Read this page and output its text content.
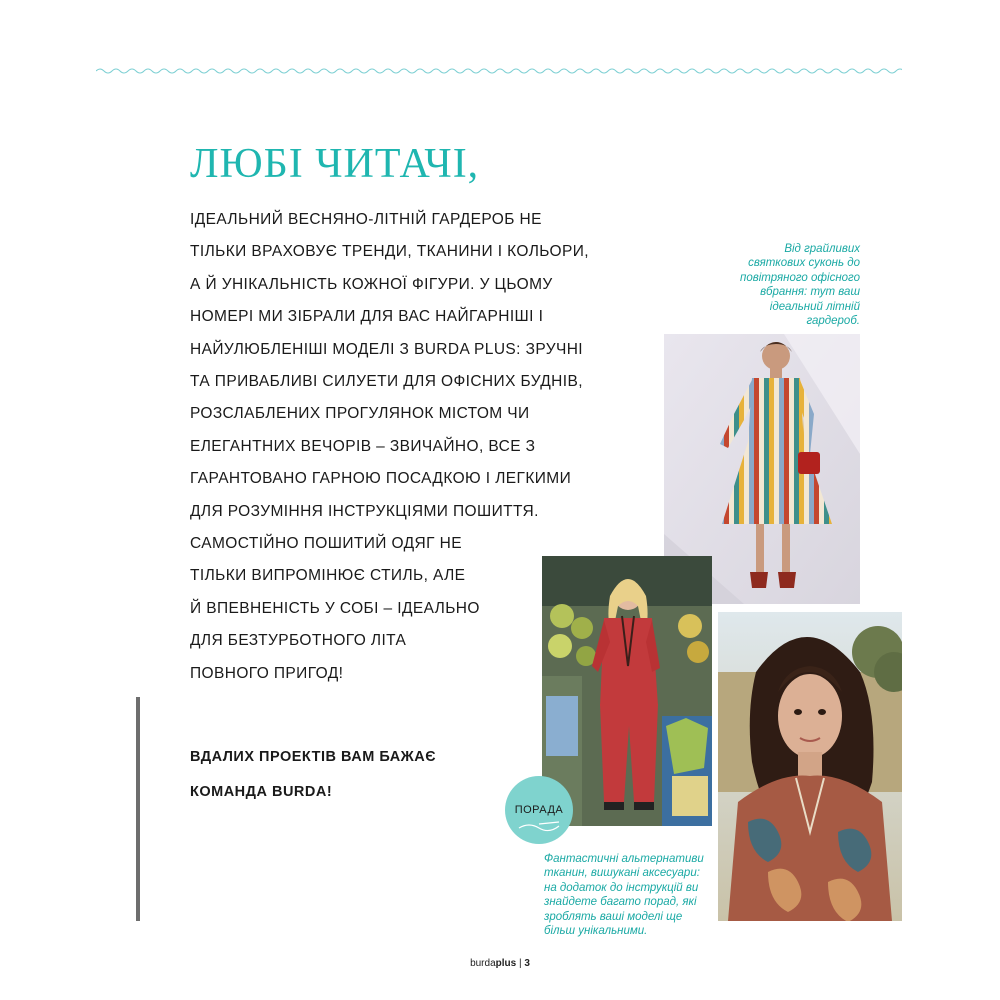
ЛЮБІ ЧИТАЧІ,

ІДЕАЛЬНИЙ ВЕСНЯНО-ЛІТНІЙ ГАРДЕРОБ НЕ
ТІЛЬКИ ВРАХОВУЄ ТРЕНДИ, ТКАНИНИ І КОЛЬОРИ,
А Й УНІКАЛЬНІСТЬ КОЖНОЇ ФІГУРИ. У ЦЬОМУ
НОМЕРІ МИ ЗІБРАЛИ ДЛЯ ВАС НАЙГАРНІШІ І
НАЙУЛЮБЛЕНІШІ МОДЕЛІ З BURDA PLUS: ЗРУЧНІ
ТА ПРИВАБЛИВІ СИЛУЕТИ ДЛЯ ОФІСНИХ БУДНІВ,
РОЗСЛАБЛЕНИХ ПРОГУЛЯНОК МІСТОМ ЧИ
ЕЛЕГАНТНИХ ВЕЧОРІВ – ЗВИЧАЙНО, ВСЕ З
ГАРАНТОВАНО ГАРНОЮ ПОСАДКОЮ І ЛЕГКИМИ
ДЛЯ РОЗУМІННЯ ІНСТРУКЦІЯМИ ПОШИТТЯ.
САМОСТІЙНО ПОШИТИЙ ОДЯГ НЕ
ТІЛЬКИ ВИПРОМІНЮЄ СТИЛЬ, АЛЕ
Й ВПЕВНЕНІСТЬ У СОБІ – ІДЕАЛЬНО
ДЛЯ БЕЗТУРБОТНОГО ЛІТА
ПОВНОГО ПРИГОД!

ВДАЛИХ ПРОЕКТІВ ВАМ БАЖАЄ
КОМАНДА BURDA!

Від грайливих
святкових суконь до
повітряного офісного
вбрання: тут ваш
ідеальний літній
гардероб.

ПОРАДА

Фантастичні альтернативи
тканин, вишукані аксесуари:
на додаток до інструкцій ви
знайдете багато порад, які
зроблять ваші моделі ще
більш унікальними.

burdaplus | 3
